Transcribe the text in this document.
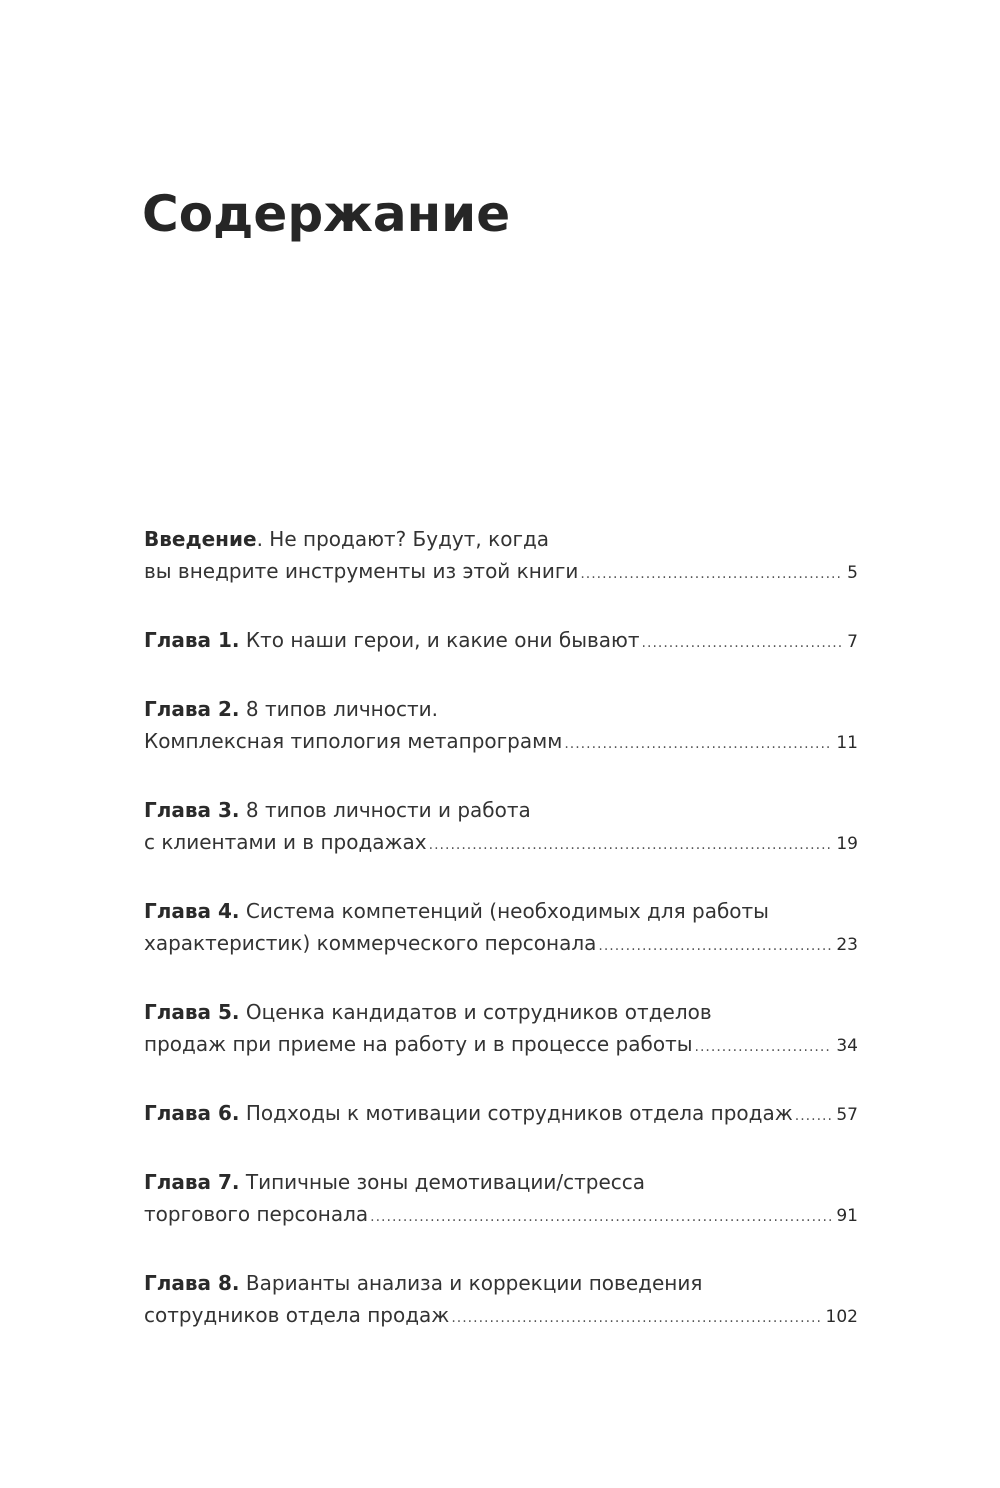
Содержание
Введение. Не продают? Будут, когда
вы внедрите инструменты из этой книги .....	5
Глава 1. Кто наши герои, и какие они бывают .....	7
Глава 2. 8 типов личности.
Комплексная типология метапрограмм .....	11
Глава 3. 8 типов личности и работа
с клиентами и в продажах .....	19
Глава 4. Система компетенций (необходимых для работы
характеристик) коммерческого персонала .....	23
Глава 5. Оценка кандидатов и сотрудников отделов
продаж при приеме на работу и в процессе работы .....	34
Глава 6. Подходы к мотивации сотрудников отдела продаж .....	57
Глава 7. Типичные зоны демотивации/стресса
торгового персонала .....	91
Глава 8. Варианты анализа и коррекции поведения
сотрудников отдела продаж .....	102
